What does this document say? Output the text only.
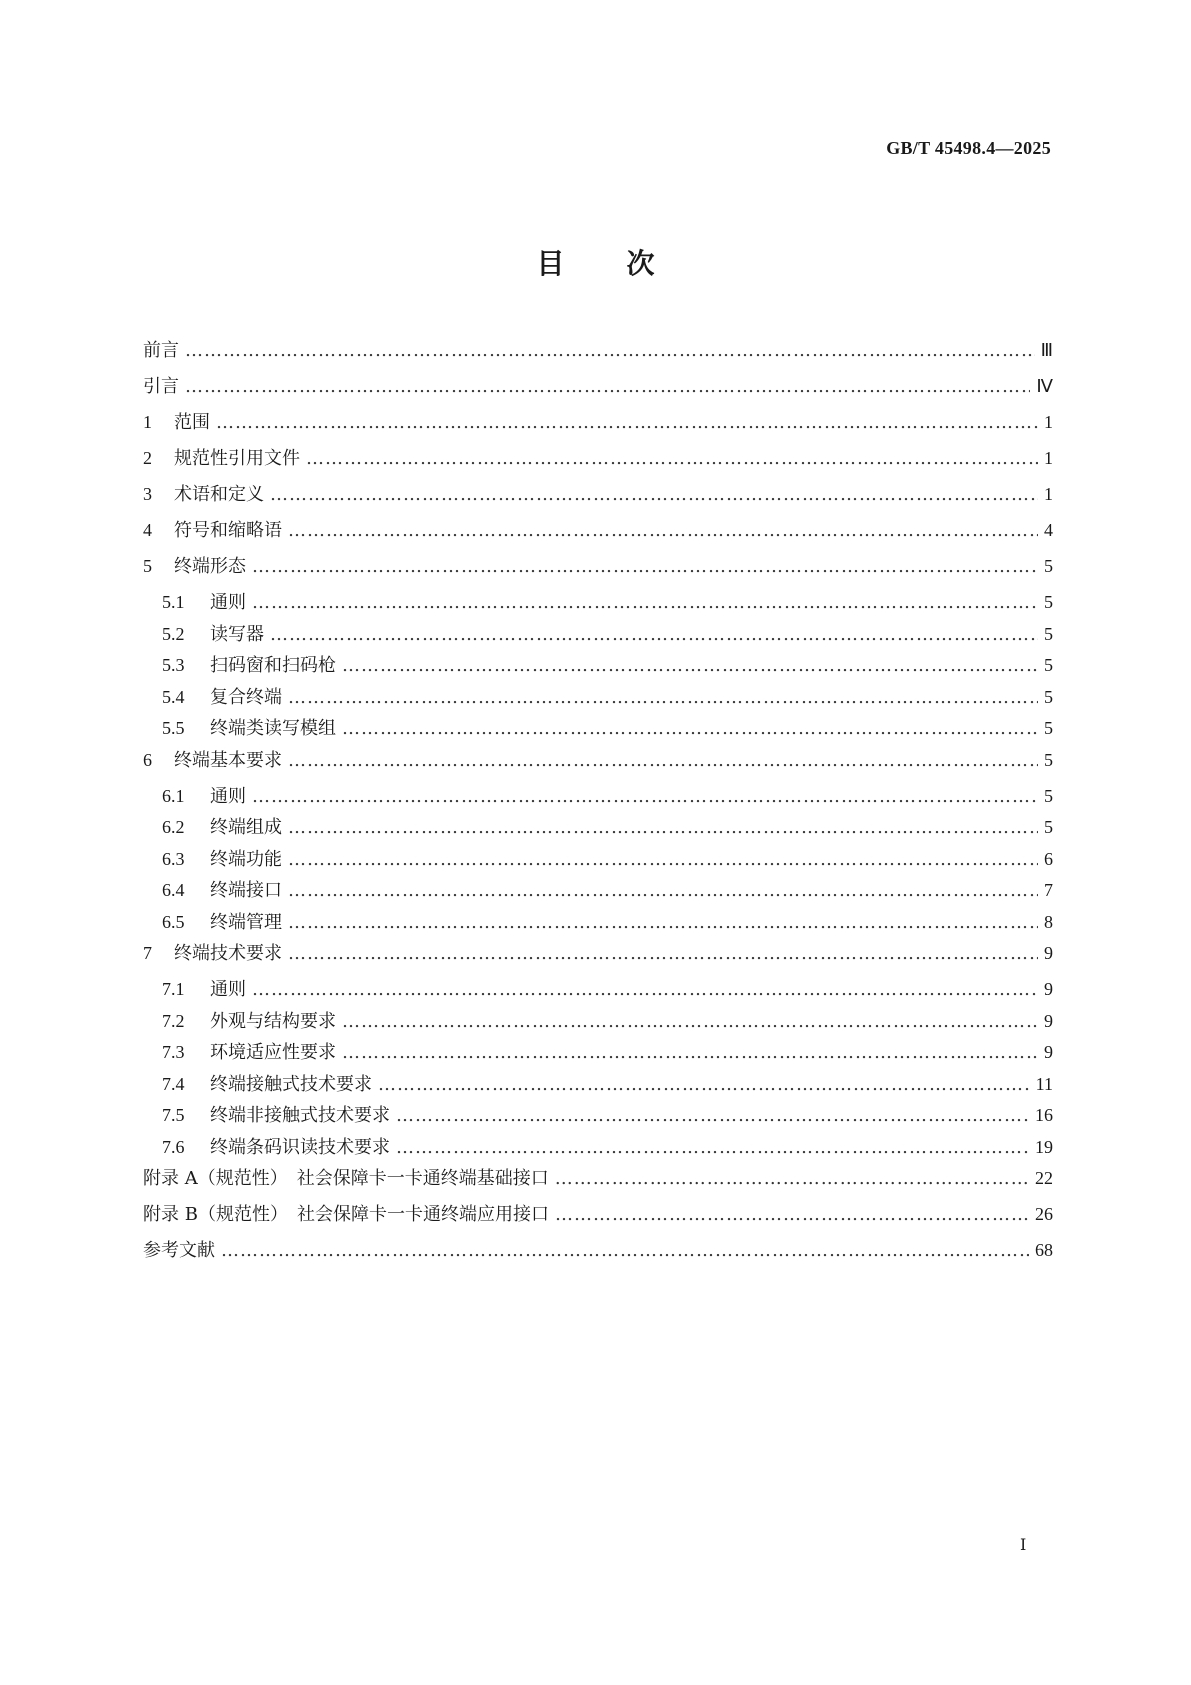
GB/T 45498.4—2025
目 次
前言 ……………………………………………………………………………………………………………………………………………………………………………………………………………………………………………………………	Ⅲ
引言 ……………………………………………………………………………………………………………………………………………………………………………………………………………………………………………………………	Ⅳ
1	范围 ……………………………………………………………………………………………………………………………………………………………………………………………………………………………………………………………	1
2	规范性引用文件 ……………………………………………………………………………………………………………………………………………………………………………………………………………………………………………………………	1
3	术语和定义 ……………………………………………………………………………………………………………………………………………………………………………………………………………………………………………………………	1
4	符号和缩略语 ……………………………………………………………………………………………………………………………………………………………………………………………………………………………………………………………	4
5	终端形态 ……………………………………………………………………………………………………………………………………………………………………………………………………………………………………………………………	5
5.1	通则 ……………………………………………………………………………………………………………………………………………………………………………………………………………………………………………………………	5
5.2	读写器 ……………………………………………………………………………………………………………………………………………………………………………………………………………………………………………………………	5
5.3	扫码窗和扫码枪 ……………………………………………………………………………………………………………………………………………………………………………………………………………………………………………………………	5
5.4	复合终端 ……………………………………………………………………………………………………………………………………………………………………………………………………………………………………………………………	5
5.5	终端类读写模组 ……………………………………………………………………………………………………………………………………………………………………………………………………………………………………………………………	5
6	终端基本要求 ……………………………………………………………………………………………………………………………………………………………………………………………………………………………………………………………	5
6.1	通则 ……………………………………………………………………………………………………………………………………………………………………………………………………………………………………………………………	5
6.2	终端组成 ……………………………………………………………………………………………………………………………………………………………………………………………………………………………………………………………	5
6.3	终端功能 ……………………………………………………………………………………………………………………………………………………………………………………………………………………………………………………………	6
6.4	终端接口 ……………………………………………………………………………………………………………………………………………………………………………………………………………………………………………………………	7
6.5	终端管理 ……………………………………………………………………………………………………………………………………………………………………………………………………………………………………………………………	8
7	终端技术要求 ……………………………………………………………………………………………………………………………………………………………………………………………………………………………………………………………	9
7.1	通则 ……………………………………………………………………………………………………………………………………………………………………………………………………………………………………………………………	9
7.2	外观与结构要求 ……………………………………………………………………………………………………………………………………………………………………………………………………………………………………………………………	9
7.3	环境适应性要求 ……………………………………………………………………………………………………………………………………………………………………………………………………………………………………………………………	9
7.4	终端接触式技术要求 ……………………………………………………………………………………………………………………………………………………………………………………………………………………………………………………………	11
7.5	终端非接触式技术要求 ……………………………………………………………………………………………………………………………………………………………………………………………………………………………………………………………	16
7.6	终端条码识读技术要求 ……………………………………………………………………………………………………………………………………………………………………………………………………………………………………………………………	19
附录 A（规范性）　社会保障卡一卡通终端基础接口 ……………………………………………………………………………………………………………………………………………………………………………………………………………………………………………………………	22
附录 B（规范性）　社会保障卡一卡通终端应用接口 ……………………………………………………………………………………………………………………………………………………………………………………………………………………………………………………………	26
参考文献 ……………………………………………………………………………………………………………………………………………………………………………………………………………………………………………………………	68
Ⅰ
